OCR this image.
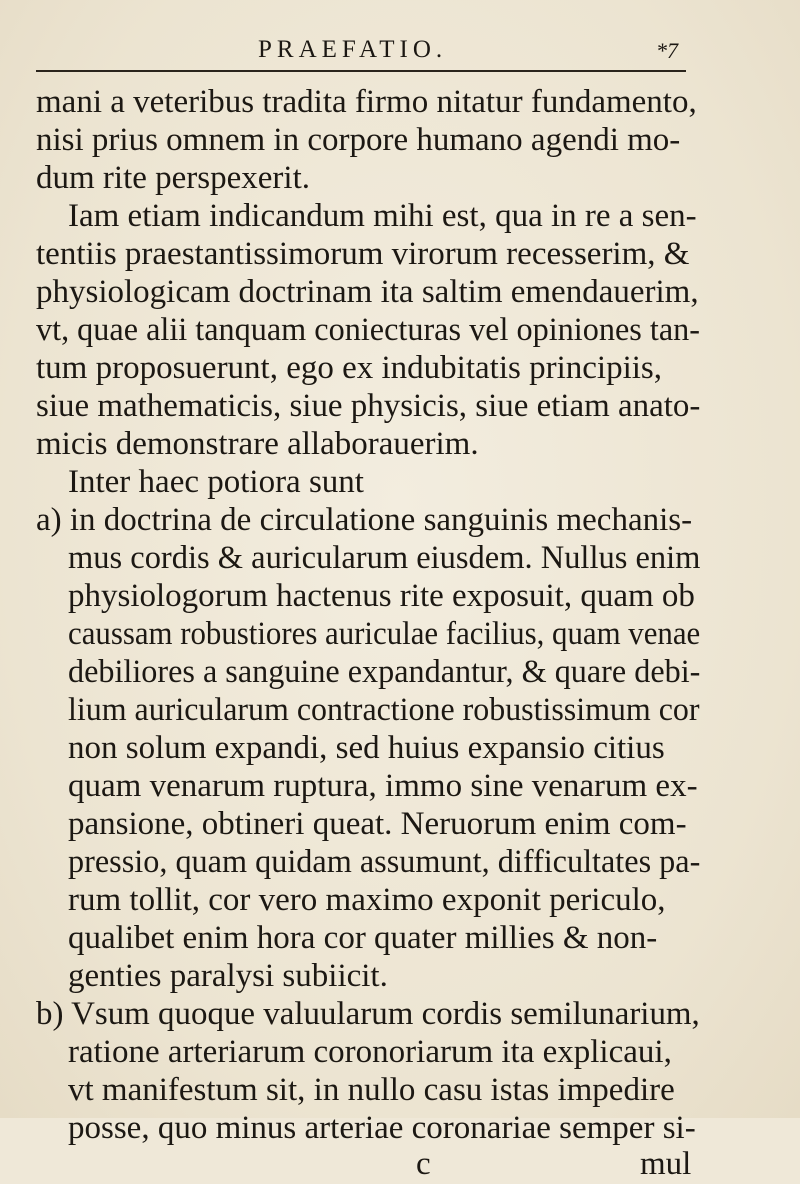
PRAEFATIO.	*7
mani a veteribus tradita firmo nitatur fundamento,
nisi prius omnem in corpore humano agendi mo-
dum rite perspexerit.
Iam etiam indicandum mihi est, qua in re a sen-
tentiis praestantissimorum virorum recesserim, &
physiologicam doctrinam ita saltim emendauerim,
vt, quae alii tanquam coniecturas vel opiniones tan-
tum proposuerunt, ego ex indubitatis principiis,
siue mathematicis, siue physicis, siue etiam anato-
micis demonstrare allaborauerim.
Inter haec potiora sunt
a) in doctrina de circulatione sanguinis mechanis-
mus cordis & auricularum eiusdem. Nullus enim
physiologorum hactenus rite exposuit, quam ob
caussam robustiores auriculae facilius, quam venae
debiliores a sanguine expandantur, & quare debi-
lium auricularum contractione robustissimum cor
non solum expandi, sed huius expansio citius
quam venarum ruptura, immo sine venarum ex-
pansione, obtineri queat. Neruorum enim com-
pressio, quam quidam assumunt, difficultates pa-
rum tollit, cor vero maximo exponit periculo,
qualibet enim hora cor quater millies & non-
genties paralysi subiicit.
b) Vsum quoque valuularum cordis semilunarium,
ratione arteriarum coronoriarum ita explicaui,
vt manifestum sit, in nullo casu istas impedire
posse, quo minus arteriae coronariae semper si-
c	mul
